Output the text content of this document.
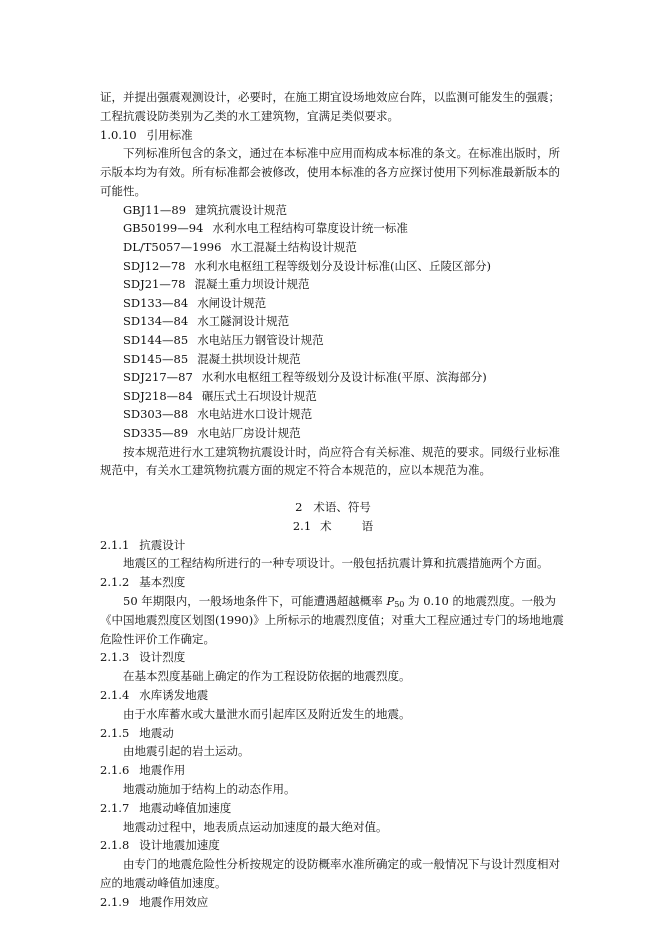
证，并提出强震观测设计，必要时，在施工期宜设场地效应台阵，以监测可能发生的强震；

工程抗震设防类别为乙类的水工建筑物，宜满足类似要求。

1.0.10 引用标准

下列标准所包含的条文，通过在本标准中应用而构成本标准的条文。在标准出版时，所示版本均为有效。所有标准都会被修改，使用本标准的各方应探讨使用下列标准最新版本的可能性。

GBJ11—89 建筑抗震设计规范

GB50199—94 水利水电工程结构可靠度设计统一标准

DL/T5057—1996 水工混凝土结构设计规范

SDJ12—78 水利水电枢纽工程等级划分及设计标准(山区、丘陵区部分)

SDJ21—78 混凝土重力坝设计规范

SD133—84 水闸设计规范

SD134—84 水工隧洞设计规范

SD144—85 水电站压力钢管设计规范

SD145—85 混凝土拱坝设计规范

SDJ217—87 水利水电枢纽工程等级划分及设计标准(平原、滨海部分)

SDJ218—84 碾压式土石坝设计规范

SD303—88 水电站进水口设计规范

SD335—89 水电站厂房设计规范

按本规范进行水工建筑物抗震设计时，尚应符合有关标准、规范的要求。同级行业标准规范中，有关水工建筑物抗震方面的规定不符合本规范的，应以本规范为准。

2 术语、符号

2.1 术	语

2.1.1 抗震设计

地震区的工程结构所进行的一种专项设计。一般包括抗震计算和抗震措施两个方面。

2.1.2 基本烈度

50 年期限内，一般场地条件下，可能遭遇超越概率 $P_{50}$ 为 0.10 的地震烈度。一般为《中国地震烈度区划图(1990)》上所标示的地震烈度值；对重大工程应通过专门的场地地震危险性评价工作确定。

2.1.3 设计烈度

在基本烈度基础上确定的作为工程设防依据的地震烈度。

2.1.4 水库诱发地震

由于水库蓄水或大量泄水而引起库区及附近发生的地震。

2.1.5 地震动

由地震引起的岩土运动。

2.1.6 地震作用

地震动施加于结构上的动态作用。

2.1.7 地震动峰值加速度

地震动过程中，地表质点运动加速度的最大绝对值。

2.1.8 设计地震加速度

由专门的地震危险性分析按规定的设防概率水准所确定的或一般情况下与设计烈度相对应的地震动峰值加速度。

2.1.9 地震作用效应
